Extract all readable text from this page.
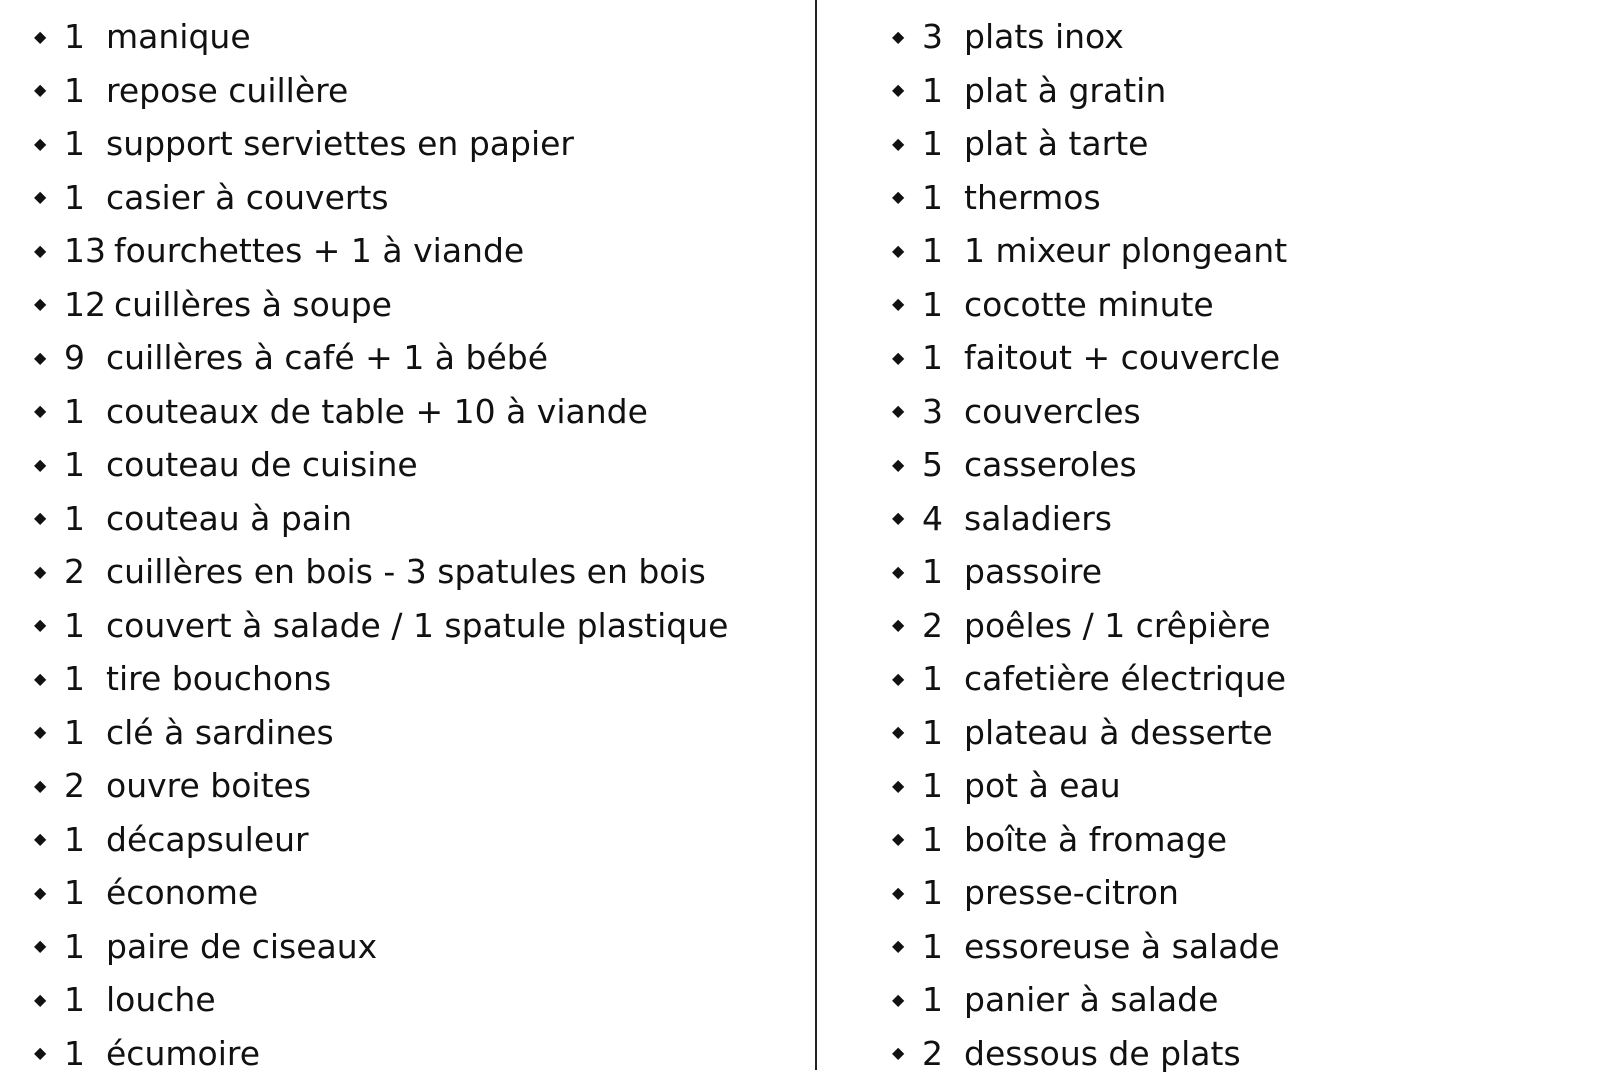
◆ 1 manique
◆ 1 repose cuillère
◆ 1 support serviettes en papier
◆ 1 casier à couverts
◆ 13 fourchettes + 1 à viande
◆ 12 cuillères à soupe
◆ 9 cuillères à café + 1 à bébé
◆ 1 couteaux de table + 10 à viande
◆ 1 couteau de cuisine
◆ 1 couteau à pain
◆ 2 cuillères en bois - 3 spatules en bois
◆ 1 couvert à salade / 1 spatule plastique
◆ 1 tire bouchons
◆ 1 clé à sardines
◆ 2 ouvre boites
◆ 1 décapsuleur
◆ 1 économe
◆ 1 paire de ciseaux
◆ 1 louche
◆ 1 écumoire
◆ 3 plats inox
◆ 1 plat à gratin
◆ 1 plat à tarte
◆ 1 thermos
◆ 1 1 mixeur plongeant
◆ 1 cocotte minute
◆ 1 faitout + couvercle
◆ 3 couvercles
◆ 5 casseroles
◆ 4 saladiers
◆ 1 passoire
◆ 2 poêles / 1 crêpière
◆ 1 cafetière électrique
◆ 1 plateau à desserte
◆ 1 pot à eau
◆ 1 boîte à fromage
◆ 1 presse-citron
◆ 1 essoreuse à salade
◆ 1 panier à salade
◆ 2 dessous de plats
